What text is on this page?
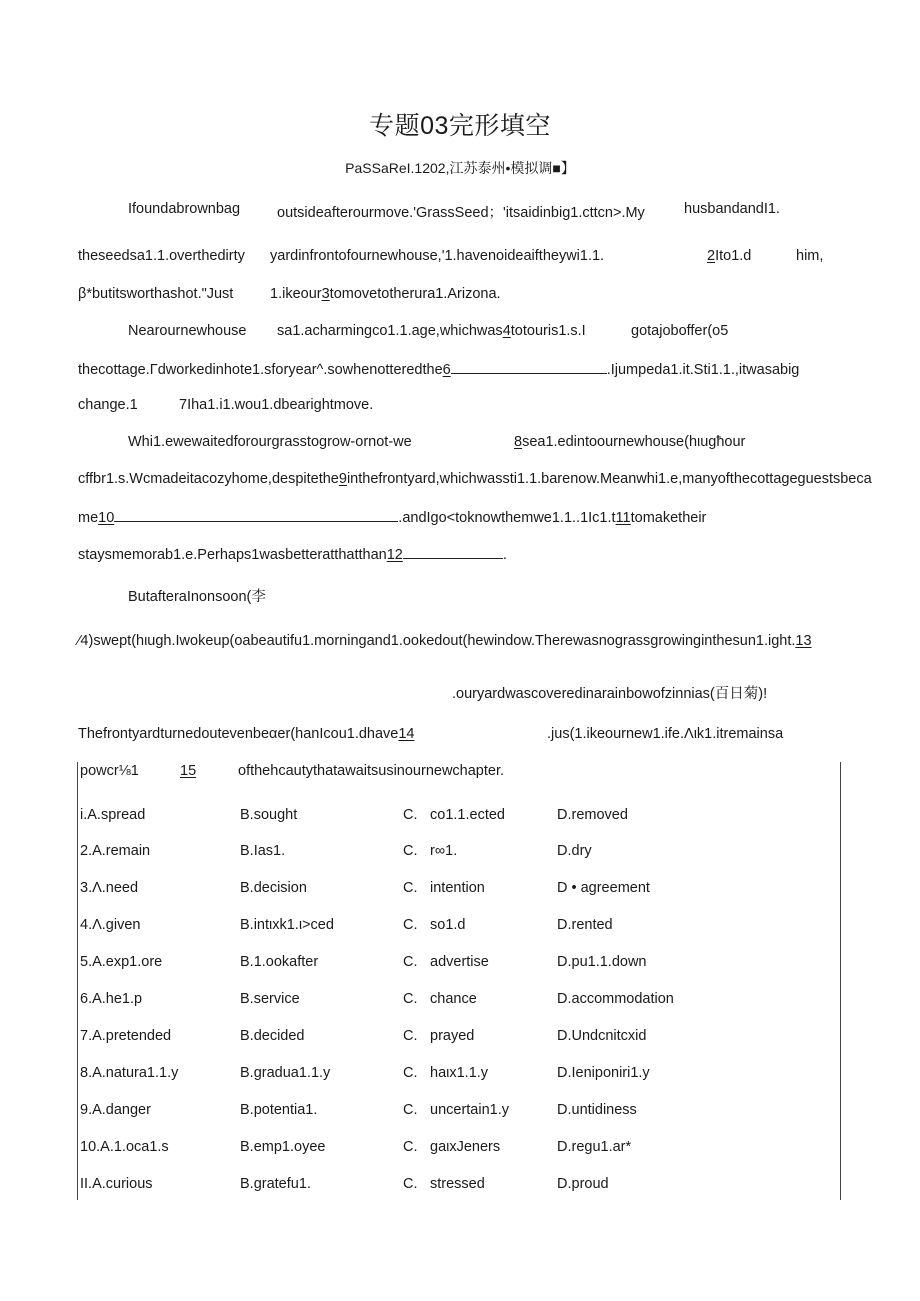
专题03完形填空
PaSSaReI.1202,江苏泰州•模拟调■】
Ifoundabrownbag	outsideafterourmove.'GrassSeed；'itsaidinbig1.cttcn>.My	husbandandI1.
theseedsa1.1.overthedirty yardinfrontofournewhouse,'1.havenoideaiftheywi1.1.	2Ito1.d	him,
β*butitsworthashot."Just	1.ikeour3tomovetotherura1.Arizona.
Nearournewhouse sa1.acharmingco1.1.age,whichwas4totouris1.s.I	gotajoboffer(o5
thecottage.Γdworkedinhote1.sforyear^.sowhenotteredthe6	.Ijumpeda1.it.Sti1.1.,itwasabig
change.1	7Iha1.i1.wou1.dbearightmove.
Whi1.ewewaitedforourgrasstogrow-ornot-we	8sea1.edintoournewhouse(hιugħour
cffbr1.s.Wcmadeitacozyhome,despitethe9inthefrontyard,whichwassti1.1.barenow.Meanwhi1.e,manyofthecottageguestsbeca
me10	.andIgo<toknowthemwe1.1..1Ic1.t11tomaketheir
staysmemorab1.e.Perhaps1wasbetteratthatthan12	.
ButafteraInonsoon(李
⁄4)swept(hιugh.Iwokeup(oabeautifu1.morningand1.ookedout(hewindow.Therewasnograssgrowinginthesun1.ight.13
.ouryardwascoveredinarainbowofzinnias(百日菊)!
Thefrontyardturnedoutevenbeαer(hanIcou1.dhave14	.jus(1.ikeournew1.ife.Λιk1.itremainsa
powcr⅛1	15	ofthehcautythatawaitsusinournewchapter.
i.A.spread	B.sought	C. co1.1.ected	D.removed
2.A.remain	B.Ias1.	C. r∞1.	D.dry
3.Λ.need	B.decision	C. intention	D • agreement
4.Λ.given	B.intιxk1.ι>ced	C. so1.d	D.rented
5.A.exp1.ore	B.1.ookafter	C. advertise	D.pu1.1.down
6.A.he1.p	B.service	C. chance	D.accommodation
7.A.pretended	B.decided	C. prayed	D.Undcnitcxid
8.A.natura1.1.y	B.gradua1.1.y	C. haιx1.1.y	D.Ieniponiri1.y
9.A.danger	B.potentia1.	C. uncertain1.y	D.untidiness
10.A.1.oca1.s	B.emp1.oyee	C. gaιxJeners	D.regu1.ar*
II.A.curious	B.gratefu1.	C. stressed	D.proud
